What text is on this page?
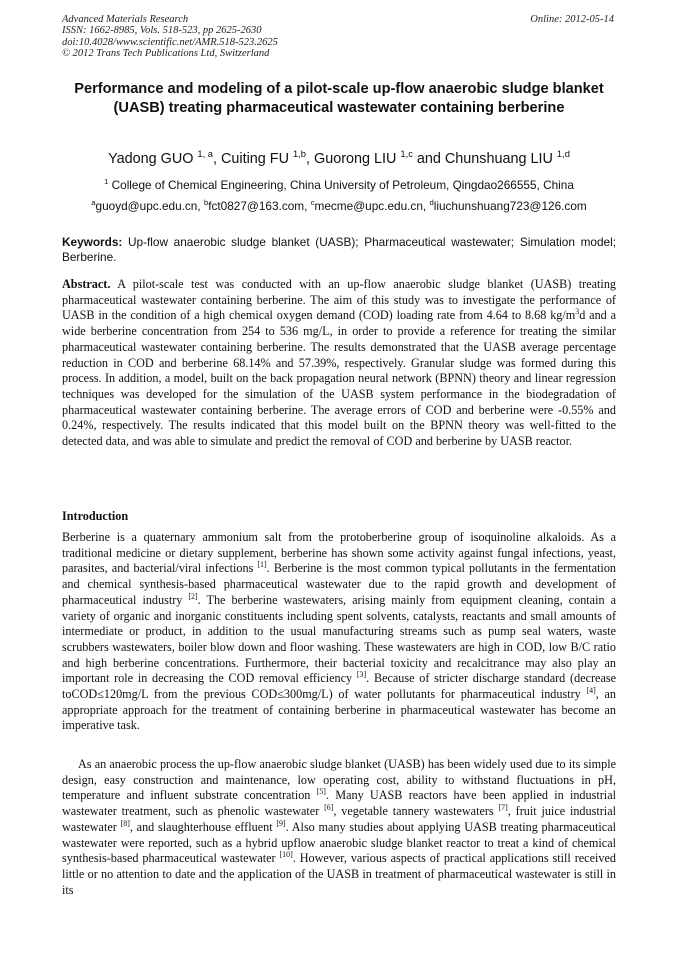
Advanced Materials Research
ISSN: 1662-8985, Vols. 518-523, pp 2625-2630
doi:10.4028/www.scientific.net/AMR.518-523.2625
© 2012 Trans Tech Publications Ltd, Switzerland
Online: 2012-05-14
Performance and modeling of a pilot-scale up-flow anaerobic sludge blanket (UASB) treating pharmaceutical wastewater containing berberine
Yadong GUO $^{1, a}$, Cuiting FU $^{1,b}$, Guorong LIU $^{1,c}$ and Chunshuang LIU $^{1,d}$
$^1$ College of Chemical Engineering, China University of Petroleum, Qingdao266555, China
$^a$guoyd@upc.edu.cn, $^b$fct0827@163.com, $^c$mecme@upc.edu.cn, $^d$liuchunshuang723@126.com
Keywords: Up-flow anaerobic sludge blanket (UASB); Pharmaceutical wastewater; Simulation model; Berberine.
Abstract. A pilot-scale test was conducted with an up-flow anaerobic sludge blanket (UASB) treating pharmaceutical wastewater containing berberine. The aim of this study was to investigate the performance of UASB in the condition of a high chemical oxygen demand (COD) loading rate from 4.64 to 8.68 $kg/m^3d$ and a wide berberine concentration from 254 to 536 mg/L, in order to provide a reference for treating the similar pharmaceutical wastewater containing berberine. The results demonstrated that the UASB average percentage reduction in COD and berberine 68.14% and 57.39%, respectively. Granular sludge was formed during this process. In addition, a model, built on the back propagation neural network (BPNN) theory and linear regression techniques was developed for the simulation of the UASB system performance in the biodegradation of pharmaceutical wastewater containing berberine. The average errors of COD and berberine were -0.55% and 0.24%, respectively. The results indicated that this model built on the BPNN theory was well-fitted to the detected data, and was able to simulate and predict the removal of COD and berberine by UASB reactor.
Introduction

Berberine is a quaternary ammonium salt from the protoberberine group of isoquinoline alkaloids. As a traditional medicine or dietary supplement, berberine has shown some activity against fungal infections, yeast, parasites, and bacterial/viral infections [1]. Berberine is the most common typical pollutants in the fermentation and chemical synthesis-based pharmaceutical wastewater due to the rapid growth and development of pharmaceutical industry [2]. The berberine wastewaters, arising mainly from equipment cleaning, contain a variety of organic and inorganic constituents including spent solvents, catalysts, reactants and small amounts of intermediate or product, in addition to the usual manufacturing streams such as pump seal waters, waste scrubbers wastewaters, boiler blow down and floor washing. These wastewaters are high in COD, low B/C ratio and high berberine concentrations. Furthermore, their bacterial toxicity and recalcitrance may also play an important role in decreasing the COD removal efficiency [3]. Because of stricter discharge standard (decrease toCOD≤120mg/L from the previous COD≤300mg/L) of water pollutants for pharmaceutical industry [4], an appropriate approach for the treatment of containing berberine in pharmaceutical wastewater has become an imperative task.

As an anaerobic process the up-flow anaerobic sludge blanket (UASB) has been widely used due to its simple design, easy construction and maintenance, low operating cost, ability to withstand fluctuations in pH, temperature and influent substrate concentration [5]. Many UASB reactors have been applied in industrial wastewater treatment, such as phenolic wastewater [6], vegetable tannery wastewaters [7], fruit juice industrial wastewater [8], and slaughterhouse effluent [9]. Also many studies about applying UASB treating pharmaceutical wastewater were reported, such as a hybrid upflow anaerobic sludge blanket reactor to treat a kind of chemical synthesis-based pharmaceutical wastewater [10]. However, various aspects of practical applications still received little or no attention to date and the application of the UASB in treatment of pharmaceutical wastewater is still in its
